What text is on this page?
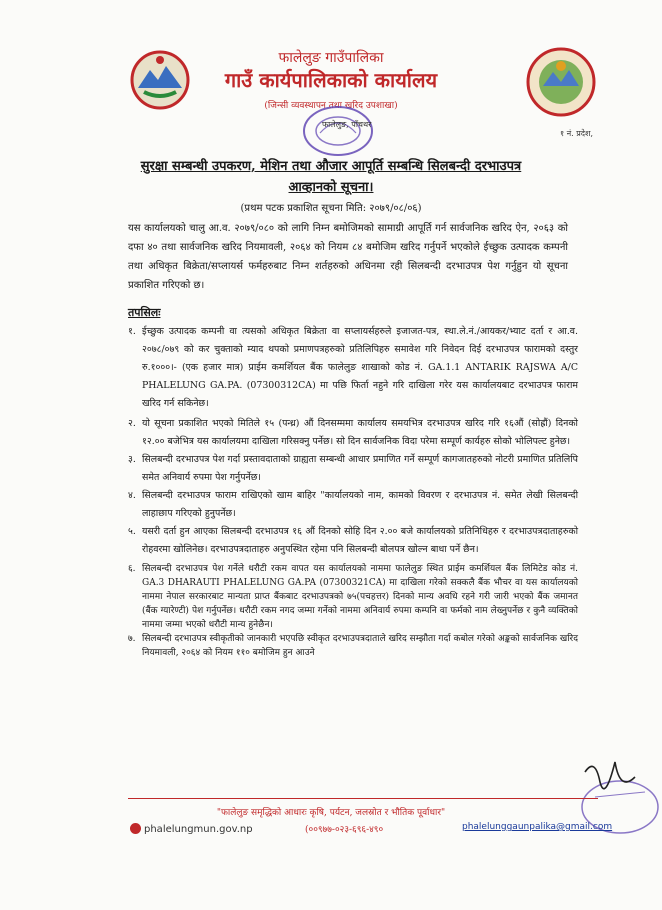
फालेलुङ गाउँपालिका
गाउँ कार्यपालिकाको कार्यालय
(जिन्सी व्यवस्थापन तथा खरिद उपशाखा)
फालेलुङ, पाँचथर
१ नं. प्रदेश,
सुरक्षा सम्बन्धी उपकरण, मेशिन तथा औजार आपूर्ति सम्बन्धि सिलबन्दी दरभाउपत्र
आव्हानको सूचना।
(प्रथम पटक प्रकाशित सूचना मिति: २०७९/०८/०६)
यस कार्यालयको चालु आ.व. २०७९/०८० को लागि निम्न बमोजिमको सामाग्री आपूर्ति गर्न सार्वजनिक खरिद ऐन, २०६३ को दफा ४० तथा सार्वजनिक खरिद नियमावली, २०६४ को नियम ८४ बमोजिम खरिद गर्नुपर्ने भएकोले ईच्छुक उत्पादक कम्पनी तथा अधिकृत बिक्रेता/सप्लायर्स फर्महरुबाट निम्न शर्तहरुको अधिनमा रही सिलबन्दी दरभाउपत्र पेश गर्नुहुन यो सूचना प्रकाशित गरिएको छ।
तपसिलः
१. ईच्छुक उत्पादक कम्पनी वा त्यसको अधिकृत बिक्रेता वा सप्लायर्सहरुले इजाजत-पत्र, स्था.ले.नं./आयकर/भ्याट दर्ता र आ.व. २०७८/०७९ को कर चुक्ताको म्याद थपको प्रमाणपत्रहरुको प्रतिलिपिहरु समावेश गरि निवेदन दिई दरभाउपत्र फारामको दस्तुर रु.१०००।- (एक हजार मात्र) प्राईम कमर्शियल बैंक फालेलुङ शाखाको कोड नं. GA.1.1 ANTARIK RAJSWA A/C PHALELUNG GA.PA. (07300312CA) मा पछि फिर्ता नहुने गरि दाखिला गरेर यस कार्यालयबाट दरभाउपत्र फाराम खरिद गर्न सकिनेछ।
२. यो सूचना प्रकाशित भएको मितिले १५ (पन्ध्र) औं दिनसम्ममा कार्यालय समयभित्र दरभाउपत्र खरिद गरि १६औं (सोह्रौं) दिनको १२.०० बजेभित्र यस कार्यालयमा दाखिला गरिसक्नु पर्नेछ। सो दिन सार्वजनिक विदा परेमा सम्पूर्ण कार्यहरु सोको भोलिपल्ट हुनेछ।
३. सिलबन्दी दरभाउपत्र पेश गर्दा प्रस्तावदाताको ग्राह्यता सम्बन्धी आधार प्रमाणित गर्ने सम्पूर्ण कागजातहरुको नोटरी प्रमाणित प्रतिलिपि समेत अनिवार्य रुपमा पेश गर्नुपर्नेछ।
४. सिलबन्दी दरभाउपत्र फाराम राखिएको खाम बाहिर "कार्यालयको नाम, कामको विवरण र दरभाउपत्र नं. समेत लेखी सिलबन्दी लाहाछाप गरिएको हुनुपर्नेछ।
५. यसरी दर्ता हुन आएका सिलबन्दी दरभाउपत्र १६ औं दिनको सोहि दिन २.०० बजे कार्यालयको प्रतिनिधिहरु र दरभाउपत्रदाताहरुको रोहवरमा खोलिनेछ। दरभाउपत्रदाताहरु अनुपस्थित रहेमा पनि सिलबन्दी बोलपत्र खोल्न बाधा पर्ने छैन।
६. सिलबन्दी दरभाउपत्र पेश गर्नेले धरौटी रकम वापत यस कार्यालयको नाममा फालेलुङ स्थित प्राईम कमर्शियल बैंक लिमिटेड कोड नं. GA.3 DHARAUTI PHALELUNG GA.PA (07300321CA) मा दाखिला गरेको सक्कलै बैंक भौचर वा यस कार्यालयको नाममा नेपाल सरकारबाट मान्यता प्राप्त बैंकबाट दरभाउपत्रको ७५(पचहत्तर) दिनको मान्य अवधि रहने गरी जारी भएको बैंक जमानत (बैंक ग्यारेण्टी) पेश गर्नुपर्नेछ। धरौटी रकम नगद जम्मा गर्नेको नाममा अनिवार्य रुपमा कम्पनि वा फर्मको नाम लेख्नुपर्नेछ र कुनै व्यक्तिको नाममा जम्मा भएको धरौटी मान्य हुनेछैन।
७. सिलबन्दी दरभाउपत्र स्वीकृतीको जानकारी भएपछि स्वीकृत दरभाउपत्रदाताले खरिद सम्झौता गर्दा कबोल गरेको अङ्कको सार्वजनिक खरिद नियमावली, २०६४ को नियम ११० बमोजिम हुन आउने
"फालेलुङ समृद्धिको आधारः कृषि, पर्यटन, जलस्रोत र भौतिक पूर्वाधार"
phalelungmun.gov.np	(००९७७-०२३-६९६-४९०	phalelunggaunpalika@gmail.com
